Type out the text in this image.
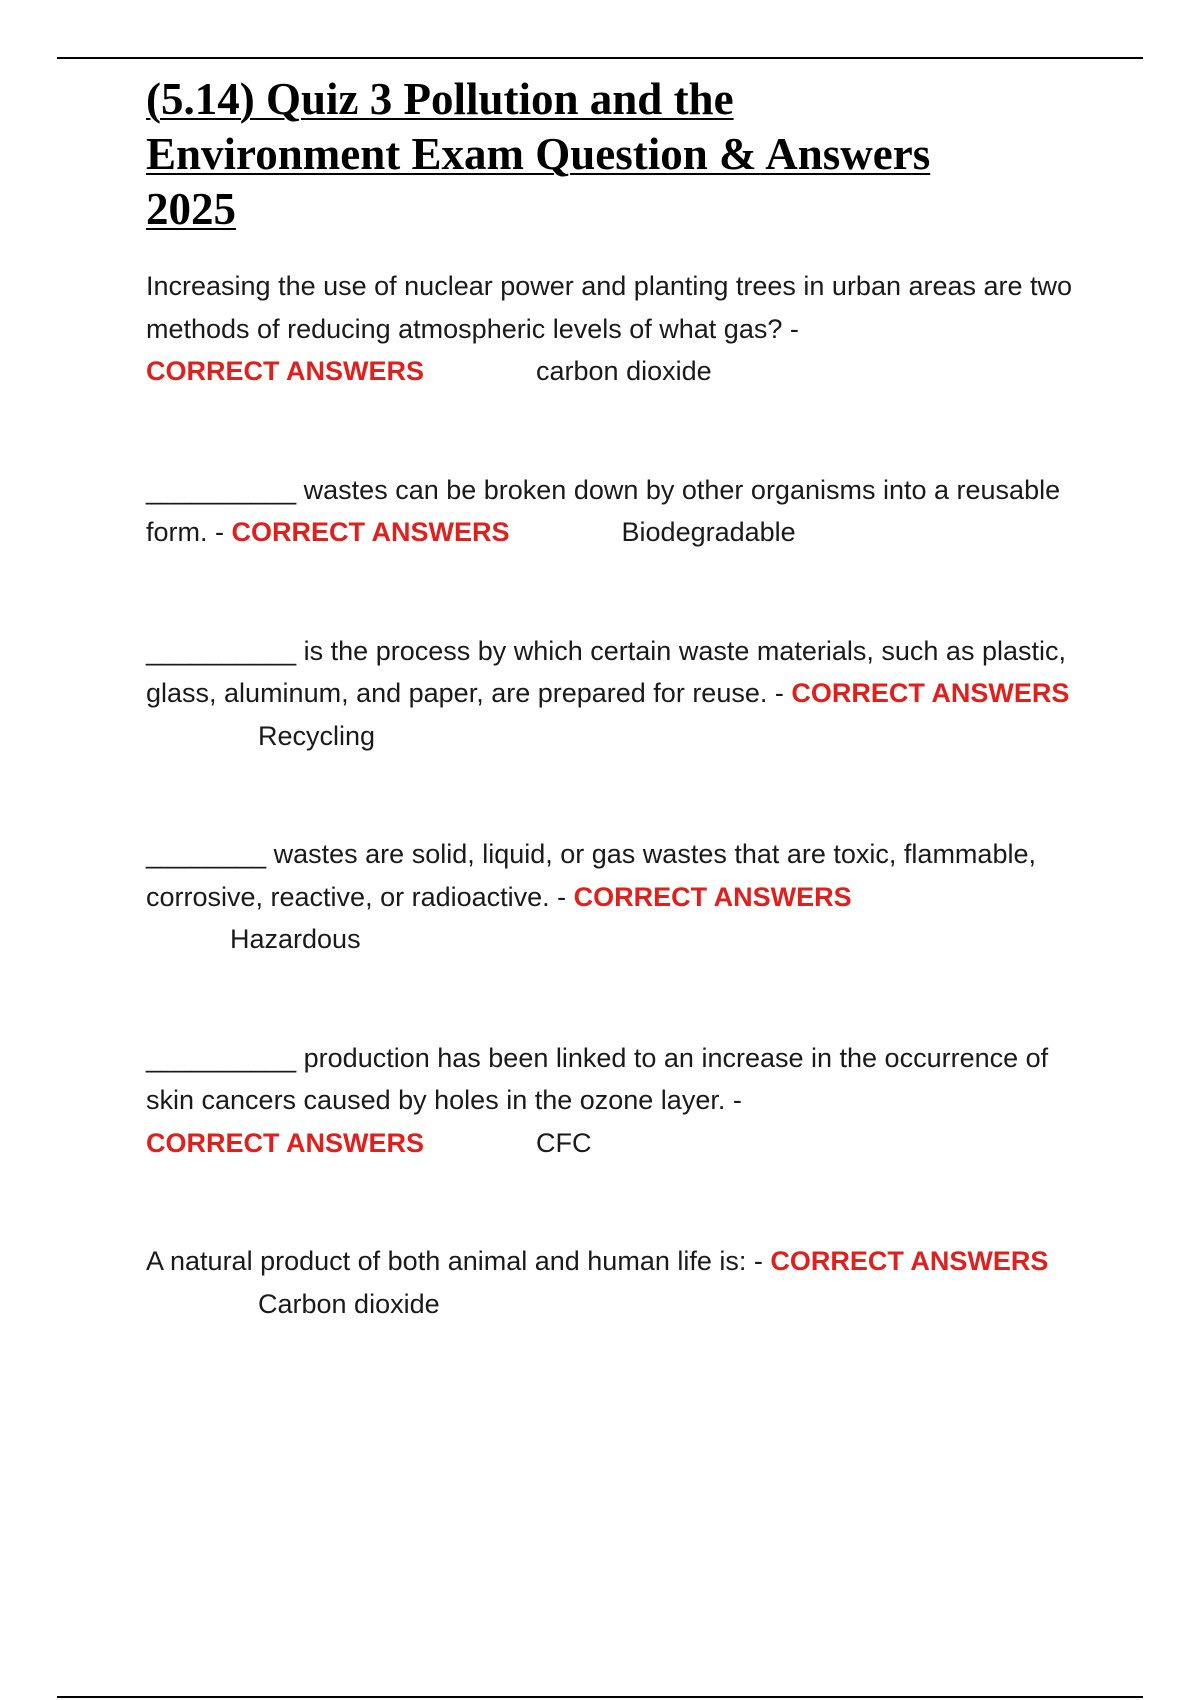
(5.14) Quiz 3 Pollution and the
Environment Exam Question & Answers
2025

Increasing the use of nuclear power and planting trees in urban areas are two methods of reducing atmospheric levels of what gas? -
CORRECT ANSWERS	carbon dioxide

__________ wastes can be broken down by other organisms into a reusable form. - CORRECT ANSWERS	Biodegradable

__________ is the process by which certain waste materials, such as plastic, glass, aluminum, and paper, are prepared for reuse. - CORRECT ANSWERSRecycling

________ wastes are solid, liquid, or gas wastes that are toxic, flammable, corrosive, reactive, or radioactive. - CORRECT ANSWERS
Hazardous

__________ production has been linked to an increase in the occurrence of skin cancers caused by holes in the ozone layer. -
CORRECT ANSWERS	CFC

A natural product of both animal and human life is: - CORRECT ANSWERSCarbon dioxide
